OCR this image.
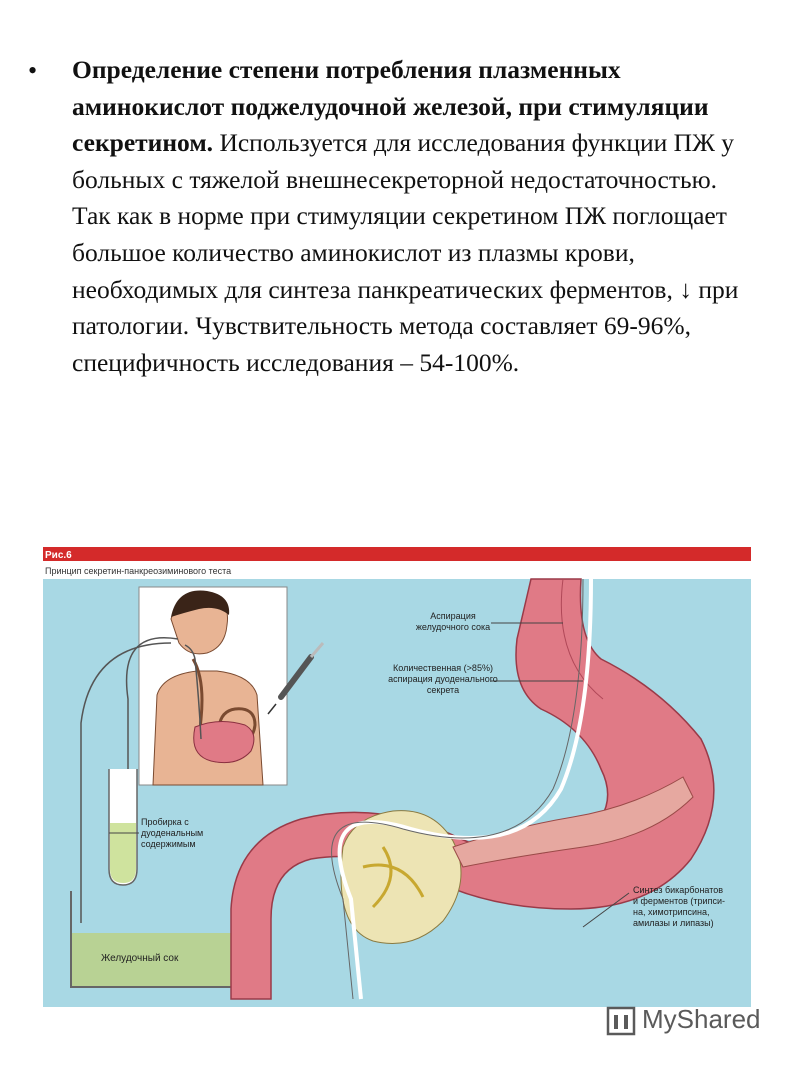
• Определение степени потребления плазменных аминокислот поджелудочной железой, при стимуляции секретином. Используется для исследования функции ПЖ у больных с тяжелой внешнесекреторной недостаточностью. Так как в норме при стимуляции секретином ПЖ поглощает большое количество аминокислот из плазмы крови, необходимых для синтеза панкреатических ферментов, ↓ при патологии. Чувствительность метода составляет 69-96%, специфичность исследования – 54-100%.

Рис.6
Принцип секретин-панкреозиминового теста
Аспирация
желудочного сока
Количественная (>85%)
аспирация дуоденального
секрета
Пробирка с
дуоденальным
содержимым
Синтез бикарбонатов
и ферментов (трипси-
на, химотрипсина,
амилазы и липазы)
Желудочный сок
MyShared
